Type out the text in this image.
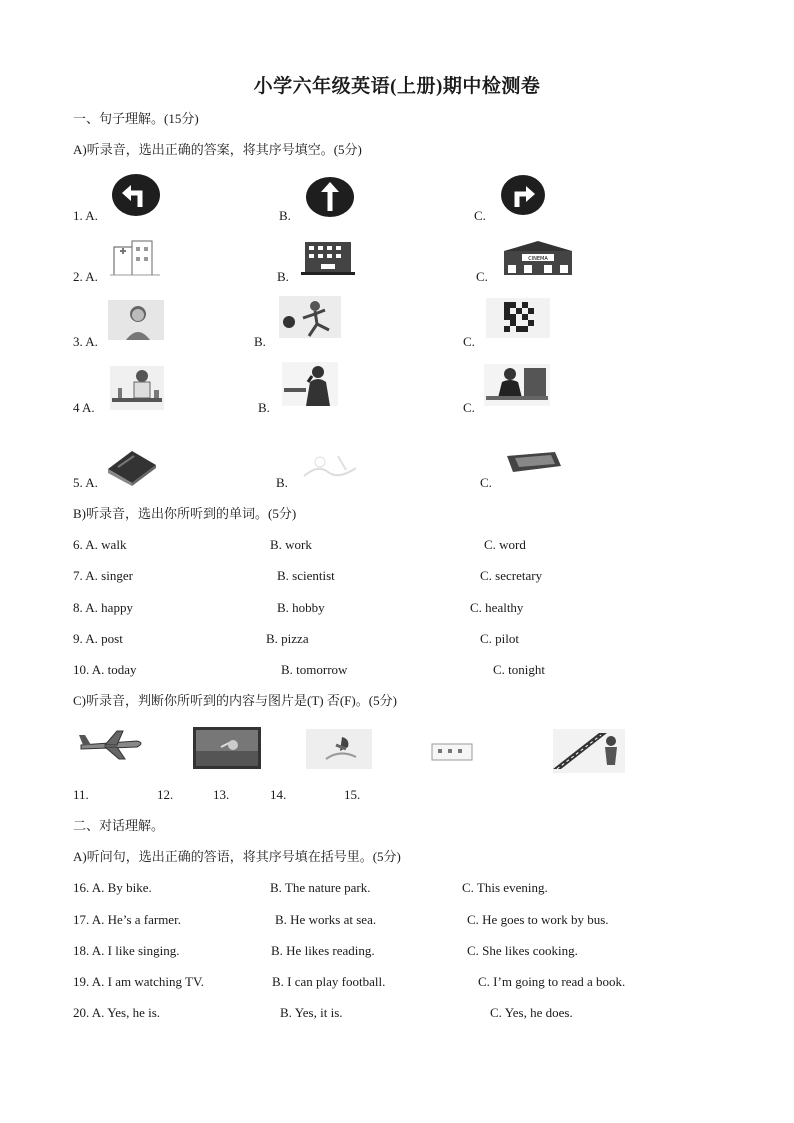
小学六年级英语(上册)期中检测卷
一、句子理解。(15分)
A)听录音，选出正确的答案，将其序号填空。(5分)
1. A.	B.	C.
2. A.	B.	C.
CINEMA
3. A.	B.	C.
4 A.	B.	C.
5. A.	B.	C.
B)听录音，选出你所听到的单词。(5分)
6. A. walk	B. work	C. word
7. A. singer	B. scientist	C. secretary
8. A. happy	B. hobby	C. healthy
9. A. post	B. pizza	C. pilot
10. A. today	B. tomorrow	C. tonight
C)听录音，判断你所听到的内容与图片是(T) 否(F)。(5分)
11.	12.	13.	14.	15.
二、对话理解。
A)听问句，选出正确的答语，将其序号填在括号里。(5分)
16. A. By bike.	B. The nature park.	C. This evening.
17. A. He’s a farmer.	B. He works at sea.	C. He goes to work by bus.
18. A. I like singing.	B. He likes reading.	C. She likes cooking.
19. A. I am watching TV.	B. I can play football.	C. I’m going to read a book.
20. A. Yes, he is.	B. Yes, it is.	C. Yes, he does.
